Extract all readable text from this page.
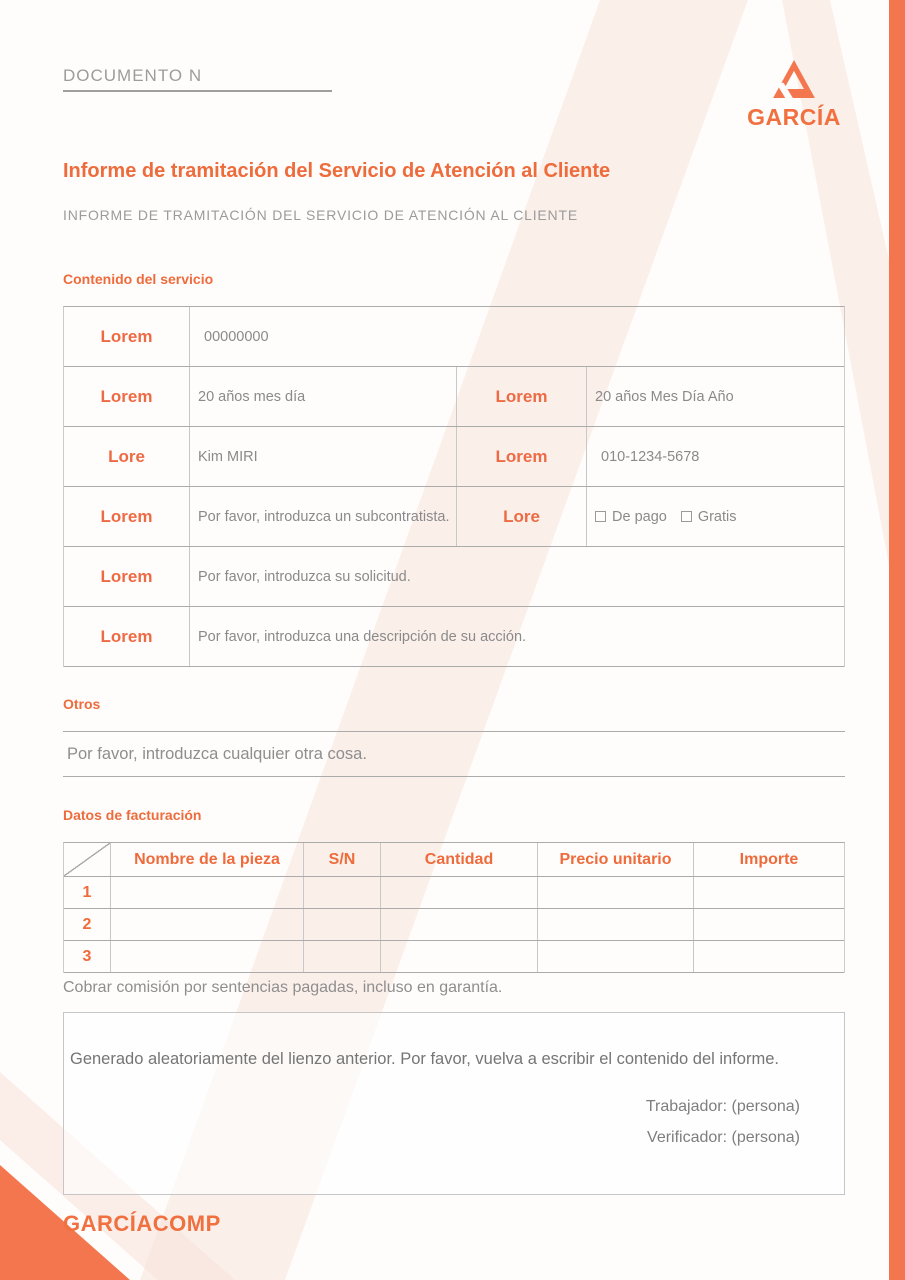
DOCUMENTO N
GARCÍA
Informe de tramitación del Servicio de Atención al Cliente
INFORME DE TRAMITACIÓN DEL SERVICIO DE ATENCIÓN AL CLIENTE
Contenido del servicio
Lorem	00000000
Lorem	20 años mes día	Lorem	20 años Mes Día Año
Lore	Kim MIRI	Lorem	010-1234-5678
Lorem	Por favor, introduzca un subcontratista.	Lore	De pago Gratis
Lorem	Por favor, introduzca su solicitud.
Lorem	Por favor, introduzca una descripción de su acción.
Otros
Por favor, introduzca cualquier otra cosa.
Datos de facturación
Nombre de la pieza	S/N	Cantidad	Precio unitario	Importe
1
2
3
Cobrar comisión por sentencias pagadas, incluso en garantía.

Generado aleatoriamente del lienzo anterior. Por favor, vuelva a escribir el contenido del informe.

Trabajador: (persona)

Verificador: (persona)

GARCÍACOMP
